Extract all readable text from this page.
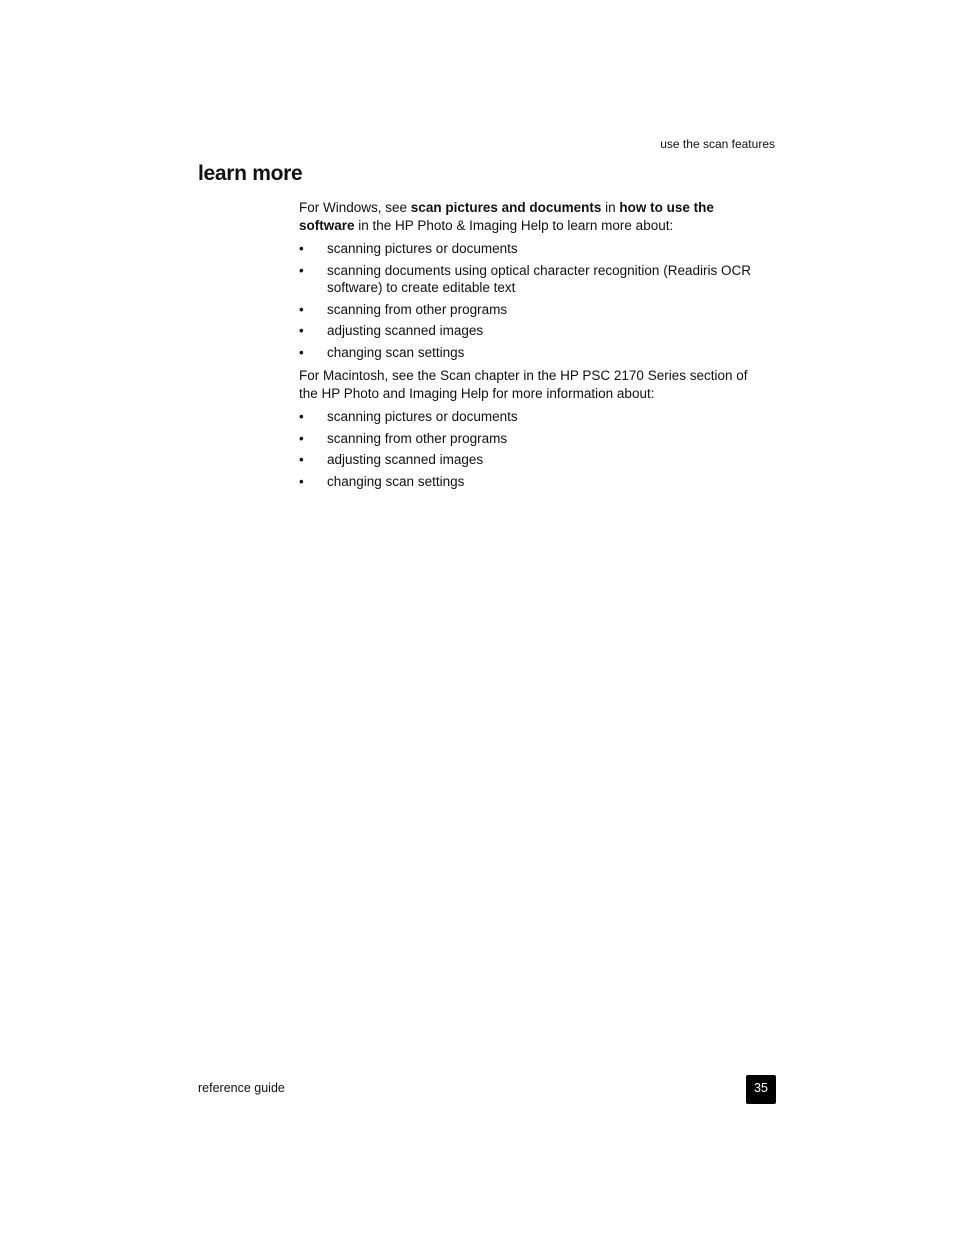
use the scan features
learn more

For Windows, see scan pictures and documents in how to use the software in the HP Photo & Imaging Help to learn more about:

• scanning pictures or documents
• scanning documents using optical character recognition (Readiris OCR software) to create editable text
• scanning from other programs
• adjusting scanned images
• changing scan settings

For Macintosh, see the Scan chapter in the HP PSC 2170 Series section of the HP Photo and Imaging Help for more information about:

• scanning pictures or documents
• scanning from other programs
• adjusting scanned images
• changing scan settings
reference guide	35
